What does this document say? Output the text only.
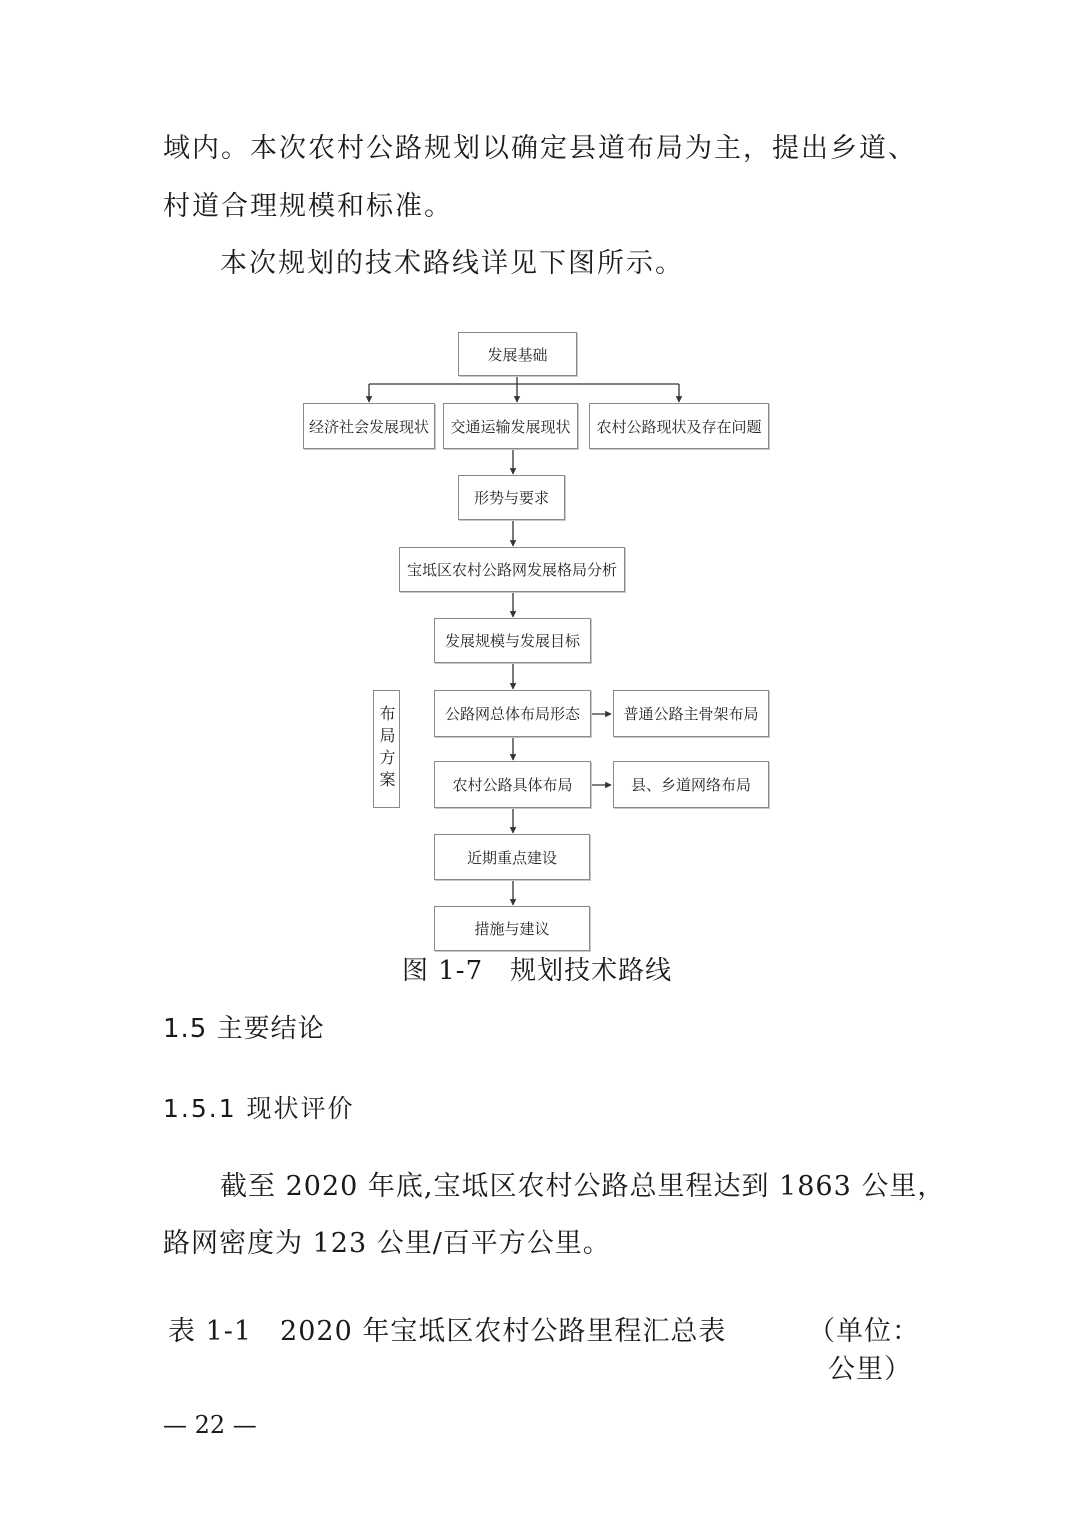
域内。本次农村公路规划以确定县道布局为主，提出乡道、
村道合理规模和标准。
本次规划的技术路线详见下图所示。
发展基础
经济社会发展现状	交通运输发展现状	农村公路现状及存在问题
形势与要求
宝坻区农村公路网发展格局分析
发展规模与发展目标
布局方案	公路网总体布局形态	普通公路主骨架布局
农村公路具体布局	县、乡道网络布局
近期重点建设
措施与建议
图 1-7　规划技术路线
1.5 主要结论
1.5.1 现状评价
截至 2020 年底,宝坻区农村公路总里程达到 1863 公里，
路网密度为 123 公里/百平方公里。
表 1-1　2020 年宝坻区农村公路里程汇总表	（单位：
公里）
— 22 —
